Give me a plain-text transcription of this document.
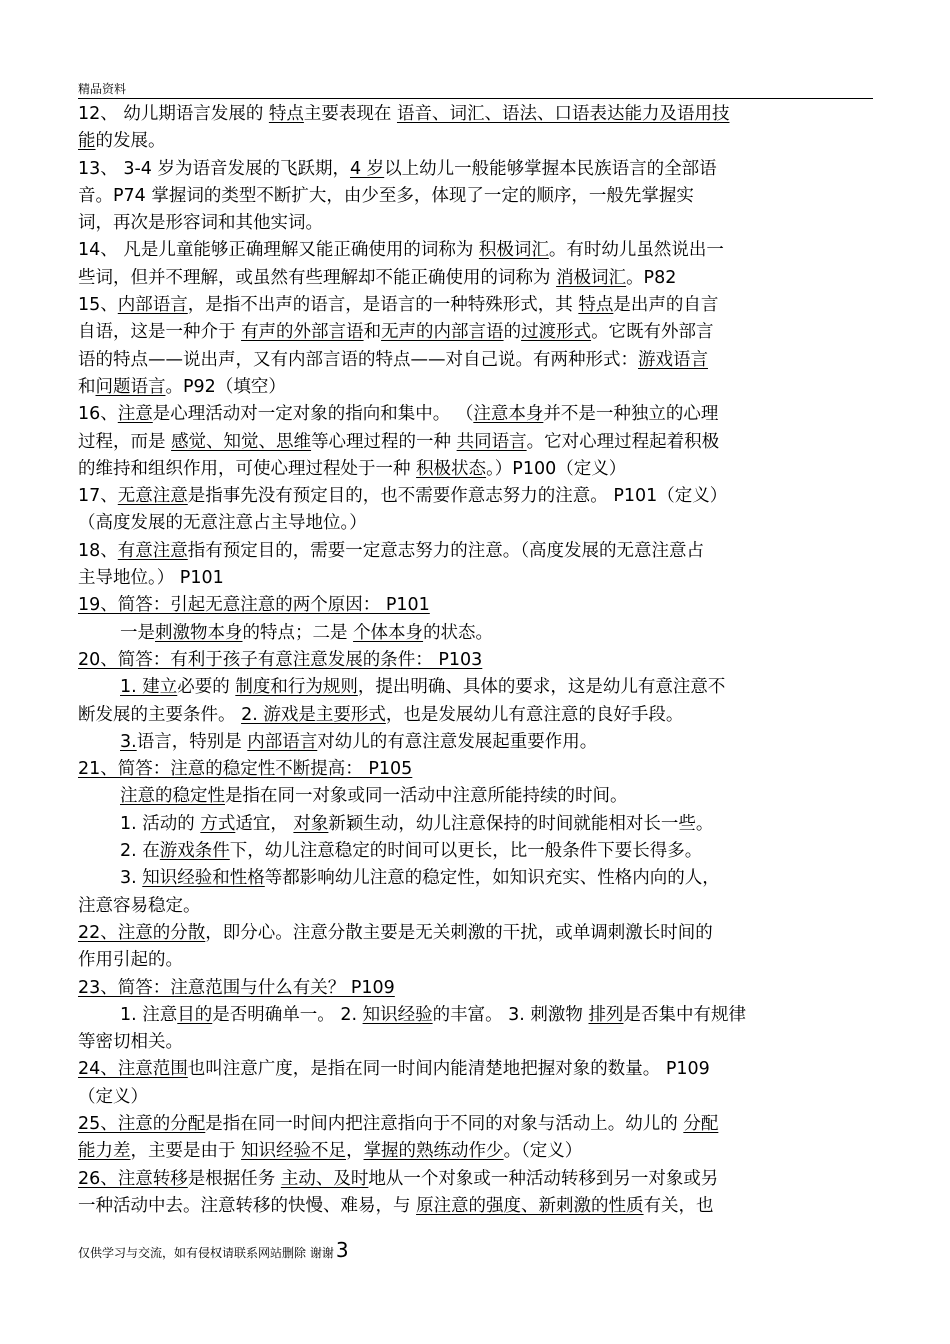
精品资料
12、 幼儿期语言发展的 特点主要表现在 语音、词汇、语法、口语表达能力及语用技
能的发展。
13、 3-4 岁为语音发展的飞跃期，4 岁以上幼儿一般能够掌握本民族语言的全部语
音。P74 掌握词的类型不断扩大，由少至多，体现了一定的顺序，一般先掌握实
词，再次是形容词和其他实词。
14、 凡是儿童能够正确理解又能正确使用的词称为 积极词汇。有时幼儿虽然说出一
些词，但并不理解，或虽然有些理解却不能正确使用的词称为 消极词汇。P82
15、内部语言，是指不出声的语言，是语言的一种特殊形式，其 特点是出声的自言
自语，这是一种介于 有声的外部言语和无声的内部言语的过渡形式。它既有外部言
语的特点——说出声，又有内部言语的特点——对自己说。有两种形式：游戏语言
和问题语言。P92（填空）
16、注意是心理活动对一定对象的指向和集中。 （注意本身并不是一种独立的心理
过程，而是 感觉、知觉、思维等心理过程的一种 共同语言。它对心理过程起着积极
的维持和组织作用，可使心理过程处于一种 积极状态。）P100（定义）
17、无意注意是指事先没有预定目的，也不需要作意志努力的注意。 P101（定义）
（高度发展的无意注意占主导地位。）
18、有意注意指有预定目的，需要一定意志努力的注意。（高度发展的无意注意占
主导地位。） P101
19、简答：引起无意注意的两个原因： P101
一是刺激物本身的特点；二是 个体本身的状态。
20、简答：有利于孩子有意注意发展的条件： P103
1. 建立必要的 制度和行为规则，提出明确、具体的要求，这是幼儿有意注意不
断发展的主要条件。 2. 游戏是主要形式，也是发展幼儿有意注意的良好手段。
3.语言，特别是 内部语言对幼儿的有意注意发展起重要作用。
21、简答：注意的稳定性不断提高： P105
注意的稳定性是指在同一对象或同一活动中注意所能持续的时间。
1. 活动的 方式适宜， 对象新颖生动，幼儿注意保持的时间就能相对长一些。
2. 在游戏条件下，幼儿注意稳定的时间可以更长，比一般条件下要长得多。
3. 知识经验和性格等都影响幼儿注意的稳定性，如知识充实、性格内向的人，
注意容易稳定。
22、注意的分散，即分心。注意分散主要是无关刺激的干扰，或单调刺激长时间的
作用引起的。
23、简答：注意范围与什么有关？ P109
1. 注意目的是否明确单一。 2. 知识经验的丰富。 3. 刺激物 排列是否集中有规律
等密切相关。
24、注意范围也叫注意广度，是指在同一时间内能清楚地把握对象的数量。 P109
（定义）
25、注意的分配是指在同一时间内把注意指向于不同的对象与活动上。幼儿的 分配
能力差，主要是由于 知识经验不足，掌握的熟练动作少。（定义）
26、注意转移是根据任务 主动、及时地从一个对象或一种活动转移到另一对象或另
一种活动中去。注意转移的快慢、难易，与 原注意的强度、新刺激的性质有关，也
仅供学习与交流，如有侵权请联系网站删除 谢谢 3
